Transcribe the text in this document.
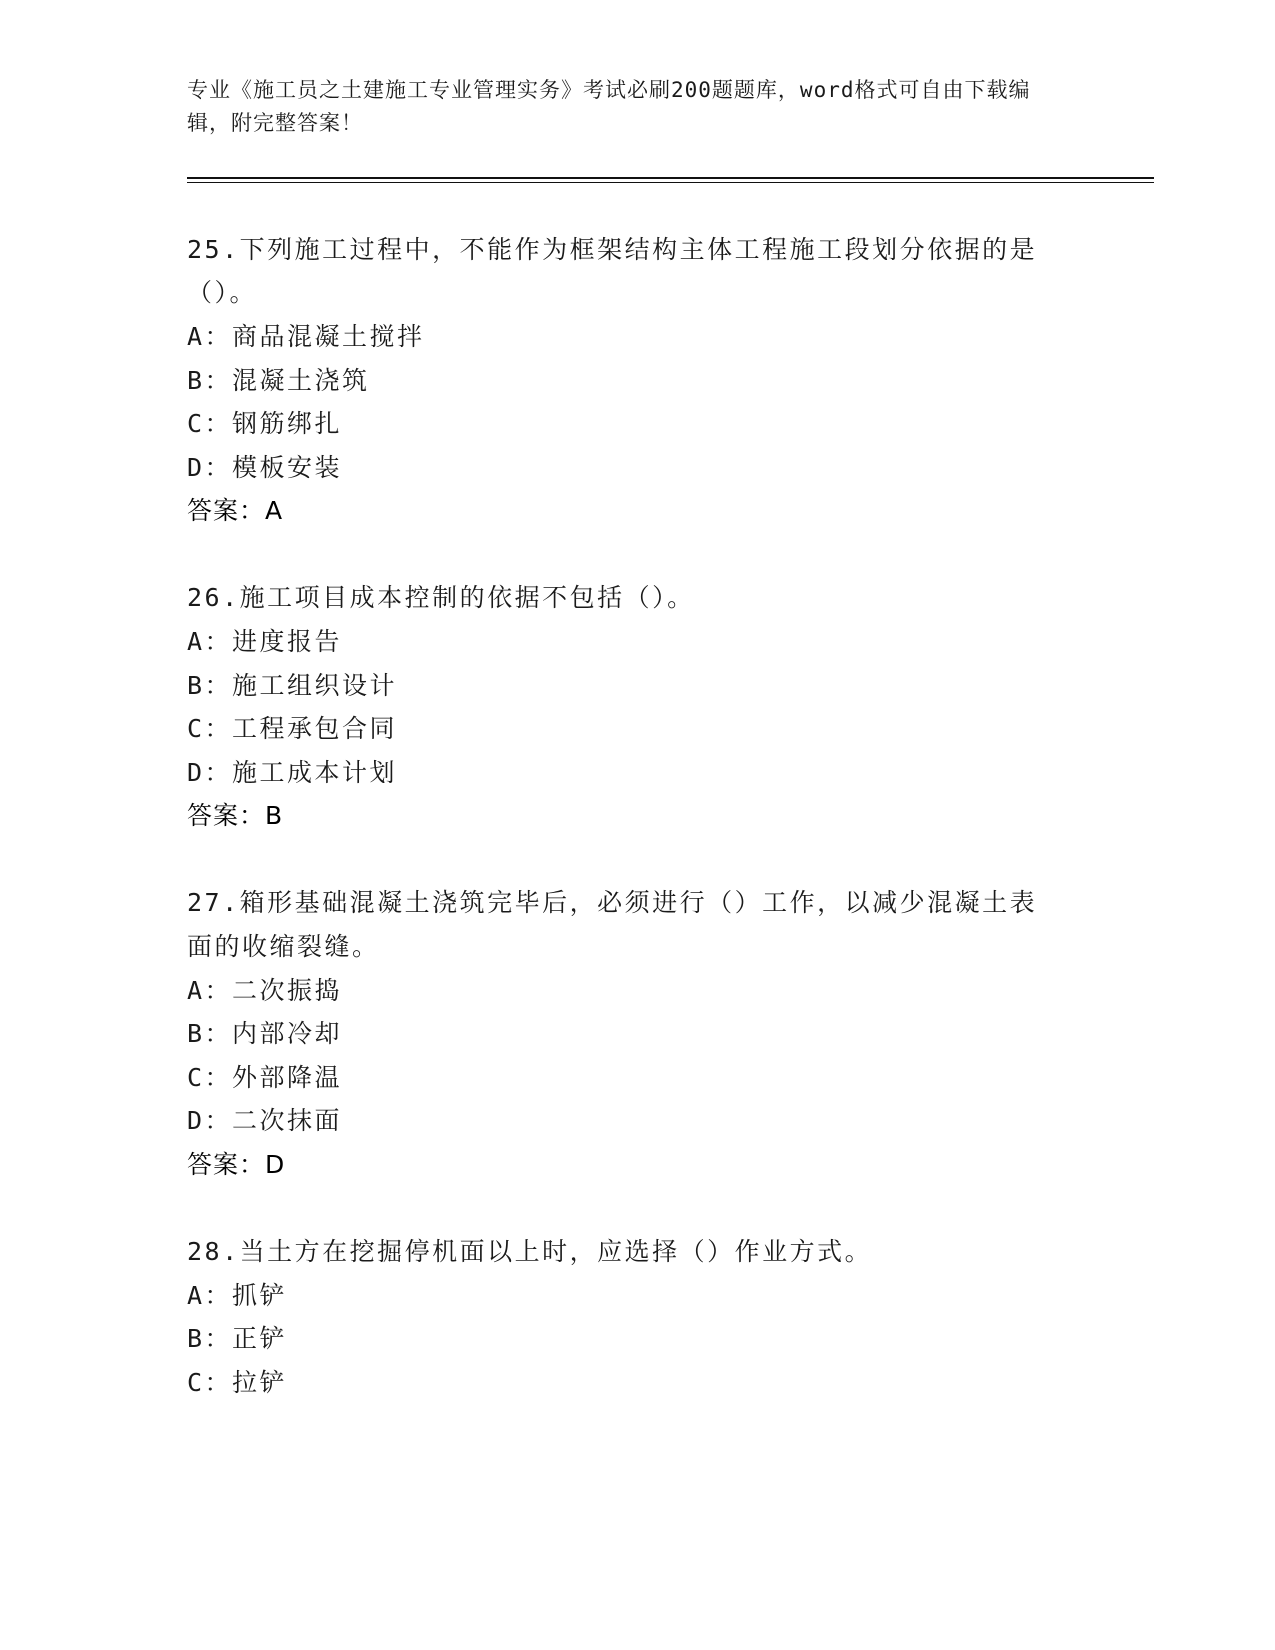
专业《施工员之土建施工专业管理实务》考试必刷200题题库，word格式可自由下载编辑，附完整答案！
25.下列施工过程中，不能作为框架结构主体工程施工段划分依据的是
（）。
A：商品混凝土搅拌
B：混凝土浇筑
C：钢筋绑扎
D：模板安装
答案：A
26.施工项目成本控制的依据不包括（）。
A：进度报告
B：施工组织设计
C：工程承包合同
D：施工成本计划
答案：B
27.箱形基础混凝土浇筑完毕后，必须进行（）工作，以减少混凝土表
面的收缩裂缝。
A：二次振捣
B：内部冷却
C：外部降温
D：二次抹面
答案：D
28.当土方在挖掘停机面以上时，应选择（）作业方式。
A：抓铲
B：正铲
C：拉铲
